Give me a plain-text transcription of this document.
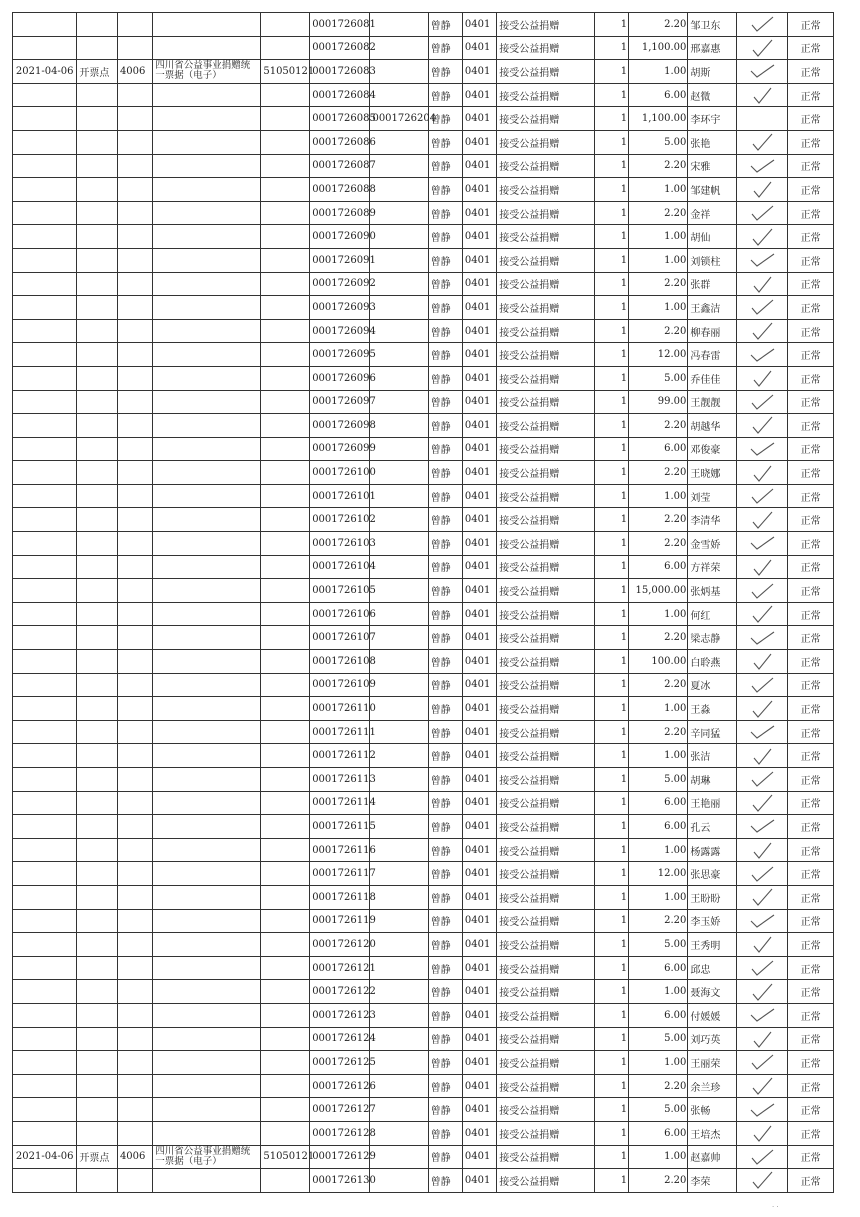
					0001726081		曾静	0401	接受公益捐赠	1	2.20	邹卫东		正常
					0001726082		曾静	0401	接受公益捐赠	1	1,100.00	邢嘉惠		正常
2021-04-06	开票点	4006	四川省公益事业捐赠统一票据（电子）	51050121	0001726083		曾静	0401	接受公益捐赠	1	1.00	胡斯		正常
					0001726084		曾静	0401	接受公益捐赠	1	6.00	赵微		正常
					0001726085	0001726204	曾静	0401	接受公益捐赠	1	1,100.00	李环宇		正常
					0001726086		曾静	0401	接受公益捐赠	1	5.00	张艳		正常
					0001726087		曾静	0401	接受公益捐赠	1	2.20	宋雅		正常
					0001726088		曾静	0401	接受公益捐赠	1	1.00	邹建帆		正常
					0001726089		曾静	0401	接受公益捐赠	1	2.20	金祥		正常
					0001726090		曾静	0401	接受公益捐赠	1	1.00	胡仙		正常
					0001726091		曾静	0401	接受公益捐赠	1	1.00	刘锁柱		正常
					0001726092		曾静	0401	接受公益捐赠	1	2.20	张群		正常
					0001726093		曾静	0401	接受公益捐赠	1	1.00	王鑫洁		正常
					0001726094		曾静	0401	接受公益捐赠	1	2.20	柳春丽		正常
					0001726095		曾静	0401	接受公益捐赠	1	12.00	冯春雷		正常
					0001726096		曾静	0401	接受公益捐赠	1	5.00	乔佳佳		正常
					0001726097		曾静	0401	接受公益捐赠	1	99.00	王靓靓		正常
					0001726098		曾静	0401	接受公益捐赠	1	2.20	胡越华		正常
					0001726099		曾静	0401	接受公益捐赠	1	6.00	邓俊豪		正常
					0001726100		曾静	0401	接受公益捐赠	1	2.20	王晓娜		正常
					0001726101		曾静	0401	接受公益捐赠	1	1.00	刘莹		正常
					0001726102		曾静	0401	接受公益捐赠	1	2.20	李清华		正常
					0001726103		曾静	0401	接受公益捐赠	1	2.20	金雪娇		正常
					0001726104		曾静	0401	接受公益捐赠	1	6.00	方祥荣		正常
					0001726105		曾静	0401	接受公益捐赠	1	15,000.00	张炳基		正常
					0001726106		曾静	0401	接受公益捐赠	1	1.00	何红		正常
					0001726107		曾静	0401	接受公益捐赠	1	2.20	梁志静		正常
					0001726108		曾静	0401	接受公益捐赠	1	100.00	白聆燕		正常
					0001726109		曾静	0401	接受公益捐赠	1	2.20	夏冰		正常
					0001726110		曾静	0401	接受公益捐赠	1	1.00	王淼		正常
					0001726111		曾静	0401	接受公益捐赠	1	2.20	辛同猛		正常
					0001726112		曾静	0401	接受公益捐赠	1	1.00	张洁		正常
					0001726113		曾静	0401	接受公益捐赠	1	5.00	胡琳		正常
					0001726114		曾静	0401	接受公益捐赠	1	6.00	王艳丽		正常
					0001726115		曾静	0401	接受公益捐赠	1	6.00	孔云		正常
					0001726116		曾静	0401	接受公益捐赠	1	1.00	杨露露		正常
					0001726117		曾静	0401	接受公益捐赠	1	12.00	张思豪		正常
					0001726118		曾静	0401	接受公益捐赠	1	1.00	王盼盼		正常
					0001726119		曾静	0401	接受公益捐赠	1	2.20	李玉娇		正常
					0001726120		曾静	0401	接受公益捐赠	1	5.00	王秀明		正常
					0001726121		曾静	0401	接受公益捐赠	1	6.00	邱忠		正常
					0001726122		曾静	0401	接受公益捐赠	1	1.00	聂海文		正常
					0001726123		曾静	0401	接受公益捐赠	1	6.00	付媛媛		正常
					0001726124		曾静	0401	接受公益捐赠	1	5.00	刘巧英		正常
					0001726125		曾静	0401	接受公益捐赠	1	1.00	王丽荣		正常
					0001726126		曾静	0401	接受公益捐赠	1	2.20	余兰珍		正常
					0001726127		曾静	0401	接受公益捐赠	1	5.00	张畅		正常
					0001726128		曾静	0401	接受公益捐赠	1	6.00	王培杰		正常
2021-04-06	开票点	4006	四川省公益事业捐赠统一票据（电子）	51050121	0001726129		曾静	0401	接受公益捐赠	1	1.00	赵嘉帅		正常
					0001726130		曾静	0401	接受公益捐赠	1	2.20	李荣		正常
· ·
